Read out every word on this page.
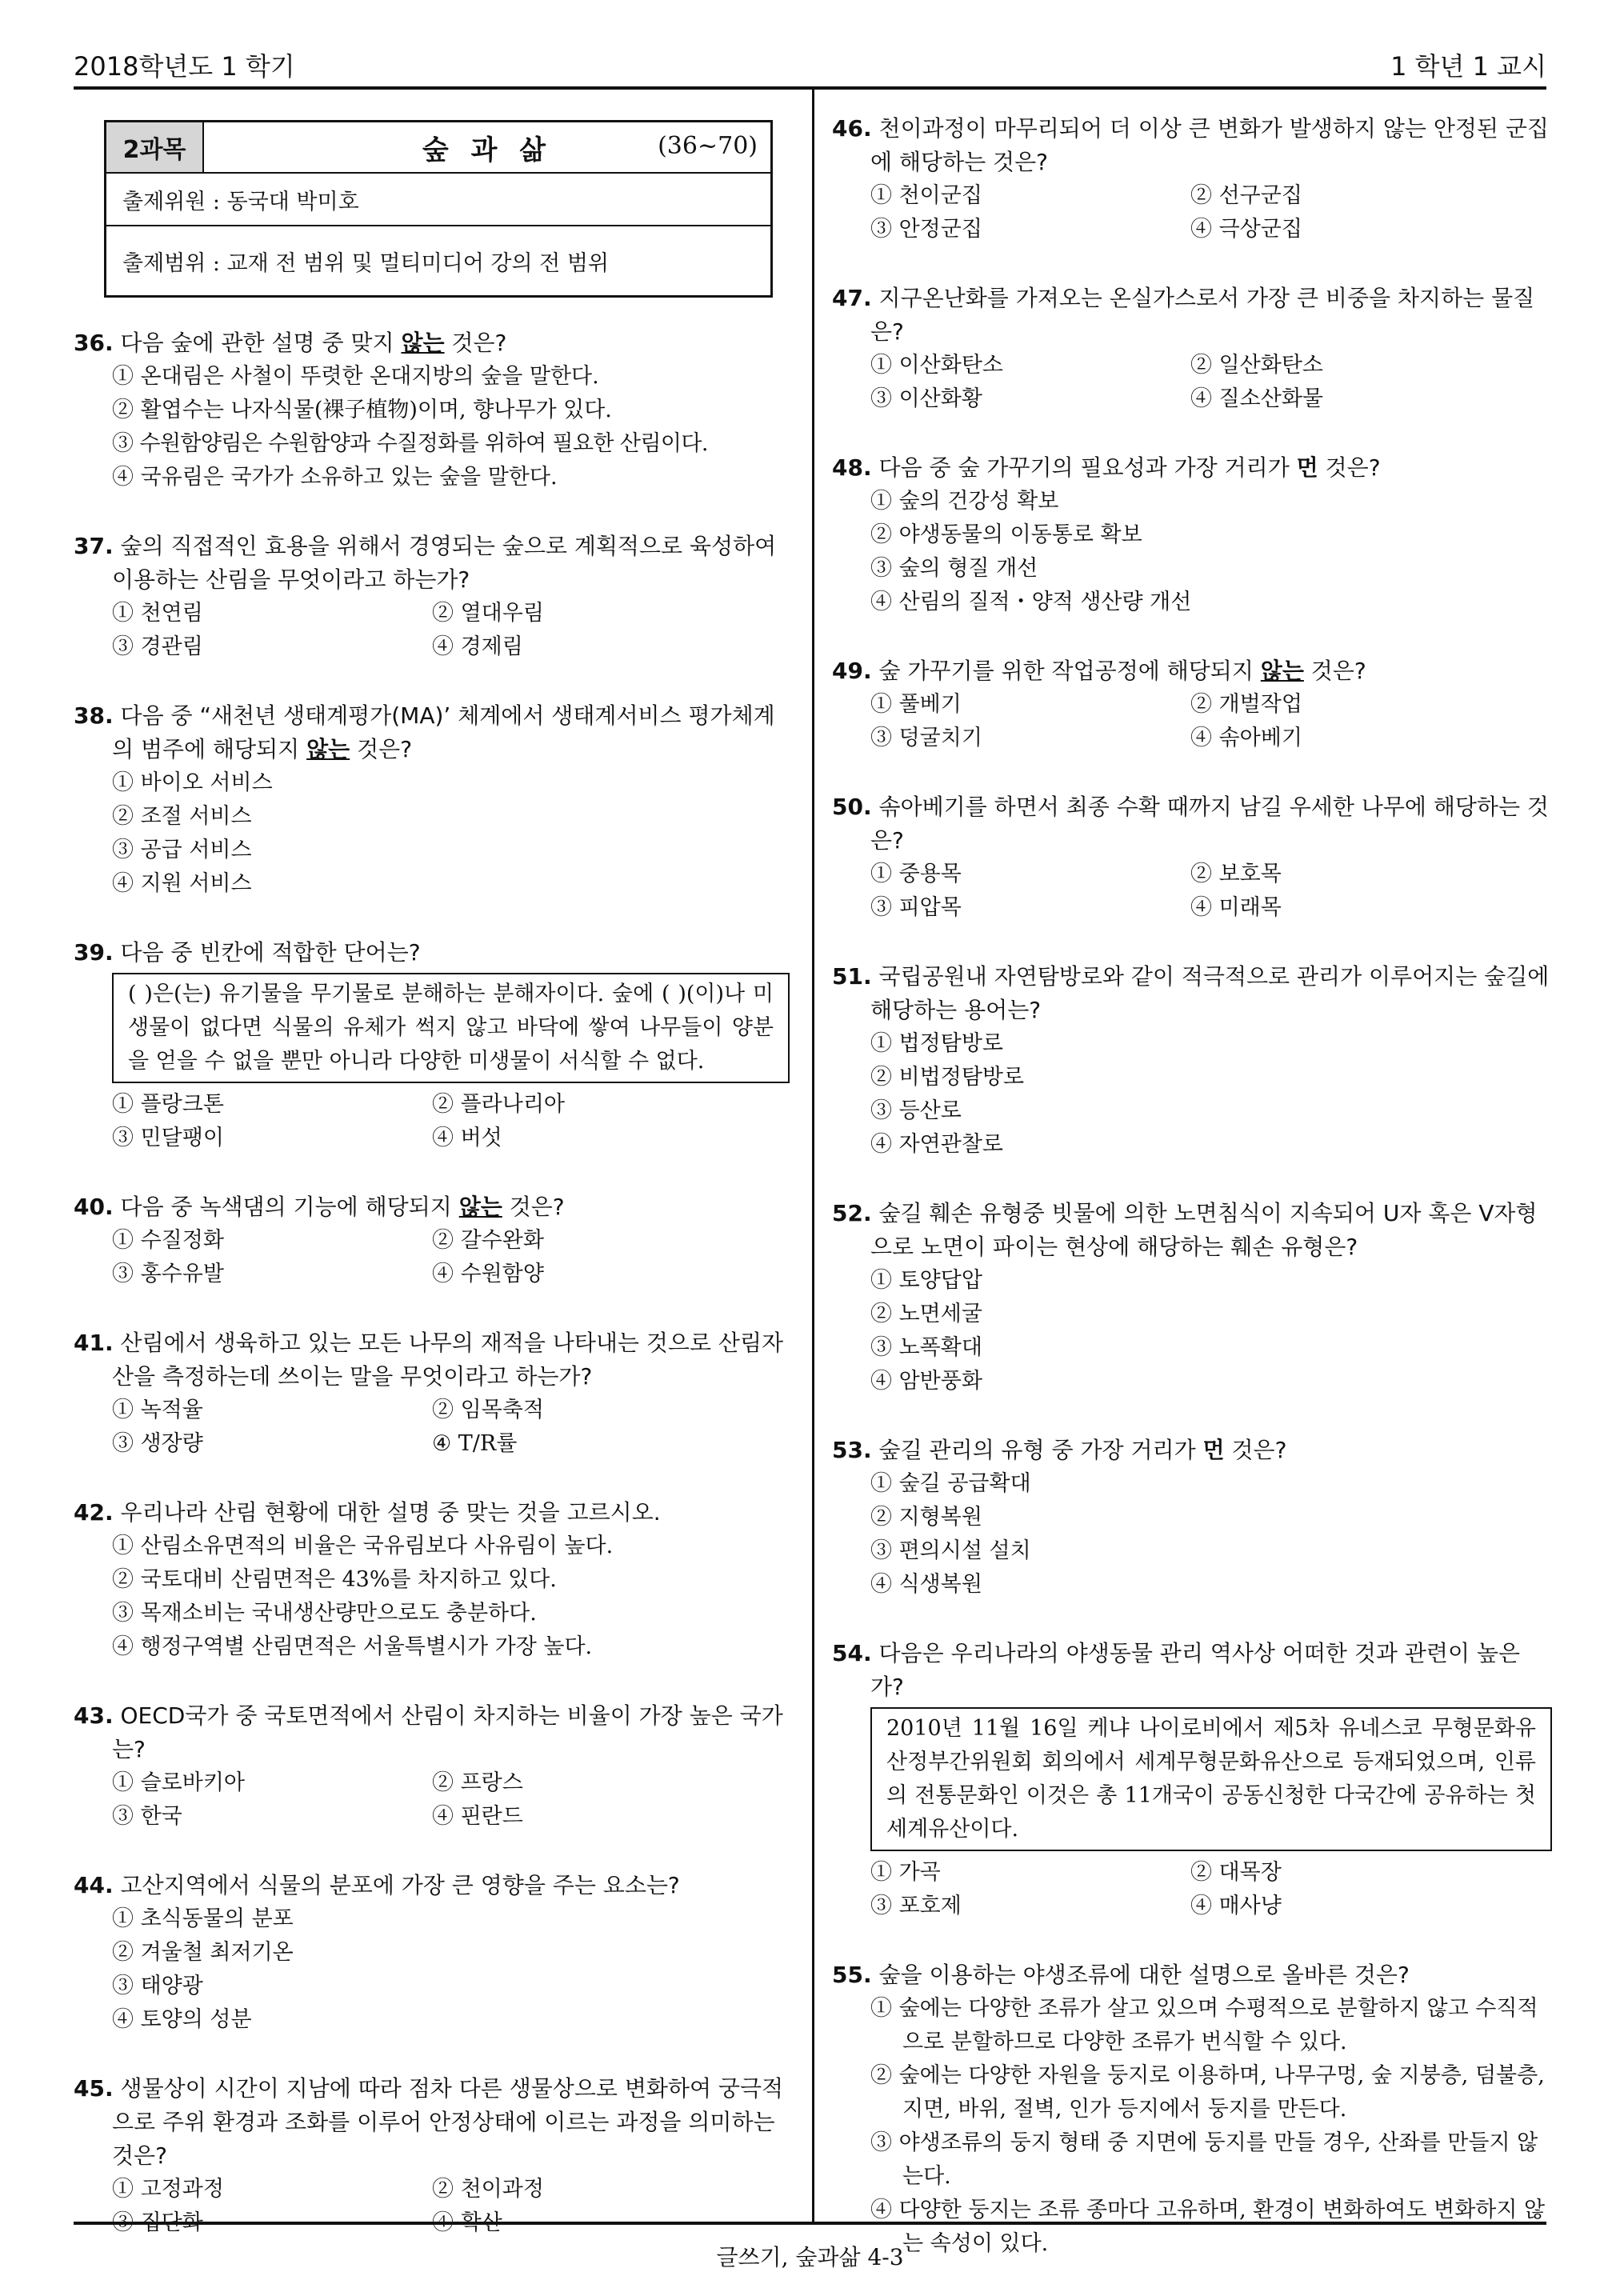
2018학년도 1 학기	1 학년 1 교시
2과목	숲 과 삶	(36~70)
출제위원 : 동국대 박미호
출제범위 : 교재 전 범위 및 멀티미디어 강의 전 범위
36. 다음 숲에 관한 설명 중 맞지 않는 것은?
① 온대림은 사철이 뚜렷한 온대지방의 숲을 말한다.
② 활엽수는 나자식물(裸子植物)이며, 향나무가 있다.
③ 수원함양림은 수원함양과 수질정화를 위하여 필요한 산림이다.
④ 국유림은 국가가 소유하고 있는 숲을 말한다.
37. 숲의 직접적인 효용을 위해서 경영되는 숲으로 계획적으로 육성하여 이용하는 산림을 무엇이라고 하는가?
① 천연림	② 열대우림
③ 경관림	④ 경제림
38. 다음 중 “새천년 생태계평가(MA)’ 체계에서 생태계서비스 평가체계의 범주에 해당되지 않는 것은?
① 바이오 서비스
② 조절 서비스
③ 공급 서비스
④ 지원 서비스
39. 다음 중 빈칸에 적합한 단어는?
( )은(는) 유기물을 무기물로 분해하는 분해자이다. 숲에 ( )(이)나 미생물이 없다면 식물의 유체가 썩지 않고 바닥에 쌓여 나무들이 양분을 얻을 수 없을 뿐만 아니라 다양한 미생물이 서식할 수 없다.
① 플랑크톤	② 플라나리아
③ 민달팽이	④ 버섯
40. 다음 중 녹색댐의 기능에 해당되지 않는 것은?
① 수질정화	② 갈수완화
③ 홍수유발	④ 수원함양
41. 산림에서 생육하고 있는 모든 나무의 재적을 나타내는 것으로 산림자산을 측정하는데 쓰이는 말을 무엇이라고 하는가?
① 녹적율	② 임목축적
③ 생장량	④ T/R률
42. 우리나라 산림 현황에 대한 설명 중 맞는 것을 고르시오.
① 산림소유면적의 비율은 국유림보다 사유림이 높다.
② 국토대비 산림면적은 43%를 차지하고 있다.
③ 목재소비는 국내생산량만으로도 충분하다.
④ 행정구역별 산림면적은 서울특별시가 가장 높다.
43. OECD국가 중 국토면적에서 산림이 차지하는 비율이 가장 높은 국가는?
① 슬로바키아	② 프랑스
③ 한국	④ 핀란드
44. 고산지역에서 식물의 분포에 가장 큰 영향을 주는 요소는?
① 초식동물의 분포
② 겨울철 최저기온
③ 태양광
④ 토양의 성분
45. 생물상이 시간이 지남에 따라 점차 다른 생물상으로 변화하여 궁극적으로 주위 환경과 조화를 이루어 안정상태에 이르는 과정을 의미하는 것은?
① 고정과정	② 천이과정
③ 집단화	④ 확산
46. 천이과정이 마무리되어 더 이상 큰 변화가 발생하지 않는 안정된 군집에 해당하는 것은?
① 천이군집	② 선구군집
③ 안정군집	④ 극상군집
47. 지구온난화를 가져오는 온실가스로서 가장 큰 비중을 차지하는 물질은?
① 이산화탄소	② 일산화탄소
③ 이산화황	④ 질소산화물
48. 다음 중 숲 가꾸기의 필요성과 가장 거리가 먼 것은?
① 숲의 건강성 확보
② 야생동물의 이동통로 확보
③ 숲의 형질 개선
④ 산림의 질적・양적 생산량 개선
49. 숲 가꾸기를 위한 작업공정에 해당되지 않는 것은?
① 풀베기	② 개벌작업
③ 덩굴치기	④ 솎아베기
50. 솎아베기를 하면서 최종 수확 때까지 남길 우세한 나무에 해당하는 것은?
① 중용목	② 보호목
③ 피압목	④ 미래목
51. 국립공원내 자연탐방로와 같이 적극적으로 관리가 이루어지는 숲길에 해당하는 용어는?
① 법정탐방로
② 비법정탐방로
③ 등산로
④ 자연관찰로
52. 숲길 훼손 유형중 빗물에 의한 노면침식이 지속되어 U자 혹은 V자형으로 노면이 파이는 현상에 해당하는 훼손 유형은?
① 토양답압
② 노면세굴
③ 노폭확대
④ 암반풍화
53. 숲길 관리의 유형 중 가장 거리가 먼 것은?
① 숲길 공급확대
② 지형복원
③ 편의시설 설치
④ 식생복원
54. 다음은 우리나라의 야생동물 관리 역사상 어떠한 것과 관련이 높은가?
2010년 11월 16일 케냐 나이로비에서 제5차 유네스코 무형문화유산정부간위원회 회의에서 세계무형문화유산으로 등재되었으며, 인류의 전통문화인 이것은 총 11개국이 공동신청한 다국간에 공유하는 첫 세계유산이다.
① 가곡	② 대목장
③ 포호제	④ 매사냥
55. 숲을 이용하는 야생조류에 대한 설명으로 올바른 것은?
① 숲에는 다양한 조류가 살고 있으며 수평적으로 분할하지 않고 수직적으로 분할하므로 다양한 조류가 번식할 수 있다.
② 숲에는 다양한 자원을 둥지로 이용하며, 나무구멍, 숲 지붕층, 덤불층, 지면, 바위, 절벽, 인가 등지에서 둥지를 만든다.
③ 야생조류의 둥지 형태 중 지면에 둥지를 만들 경우, 산좌를 만들지 않는다.
④ 다양한 둥지는 조류 종마다 고유하며, 환경이 변화하여도 변화하지 않는 속성이 있다.
글쓰기, 숲과삶 4-3
